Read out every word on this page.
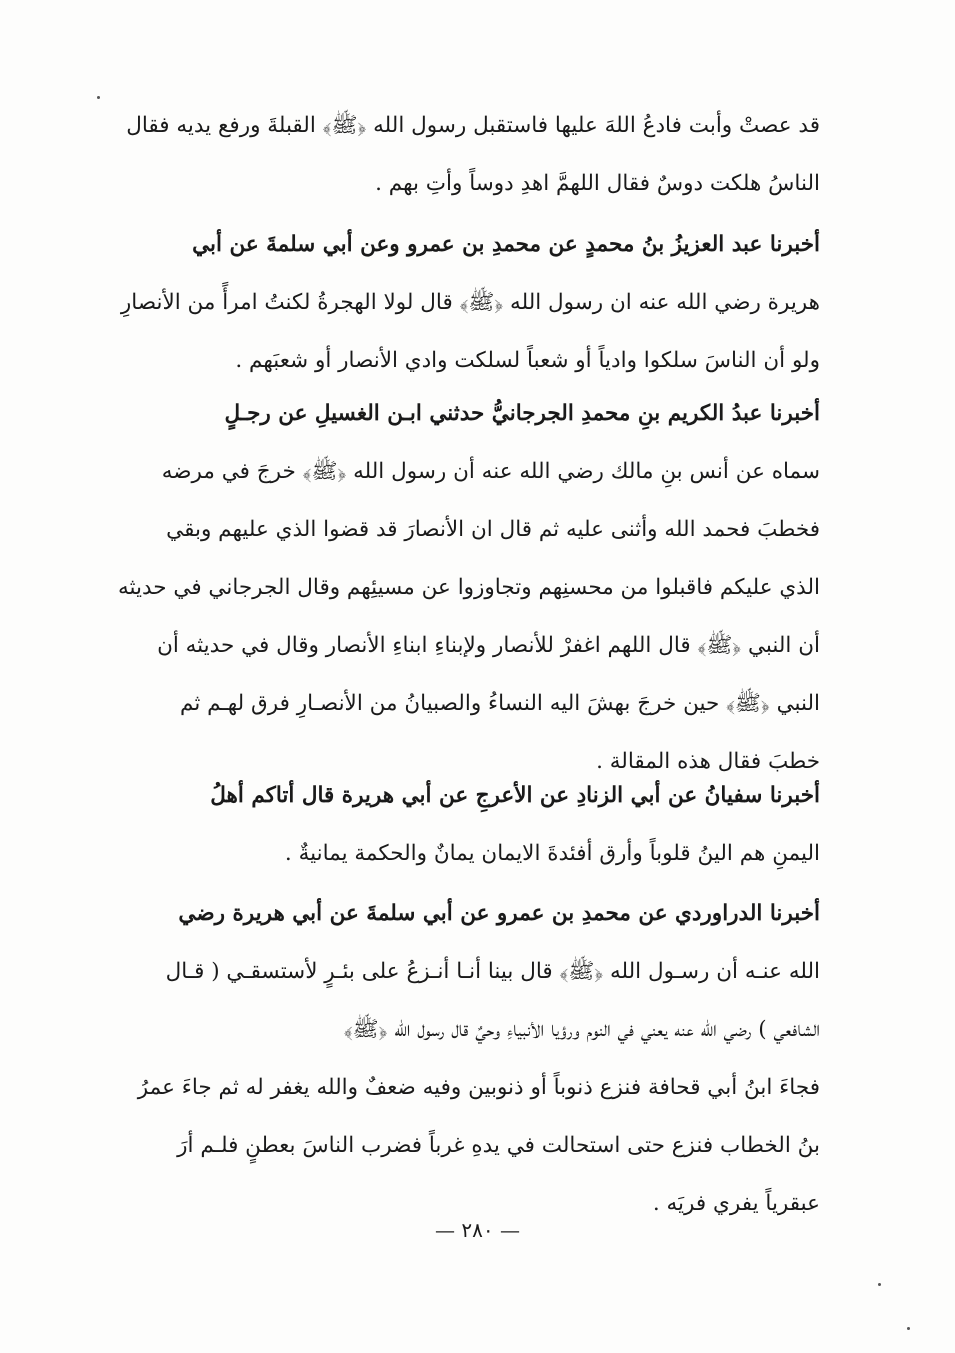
قد عصتْ وأبت فادعُ اللهَ عليها فاستقبل رسول الله ﴿ﷺ﴾ القبلةَ ورفع يديه فقال
الناسُ هلكت دوسٌ فقال اللهمَّ اهدِ دوساً وأتِ بهم .
أخبرنا عبد العزيزُ بنُ محمدٍ عن محمدِ بن عمرو وعن أبي سلمةَ عن أبي
هريرة رضي الله عنه ان رسول الله ﴿ﷺ﴾ قال لولا الهجرةُ لكنتُ امرأً من الأنصارِ
ولو أن الناسَ سلكوا وادياً أو شعباً لسلكت وادي الأنصار أو شعبَهم .
أخبرنا عبدُ الكريم بنِ محمدِ الجرجانيُّ حدثني ابـن الغسيلِ عن رجـلٍ
سماه عن أنس بنِ مالك رضي الله عنه أن رسول الله ﴿ﷺ﴾ خرجَ في مرضه
فخطبَ فحمد الله وأثنى عليه ثم قال ان الأنصارَ قد قضوا الذي عليهم وبقي
الذي عليكم فاقبلوا من محسنِهم وتجاوزوا عن مسيئِهم وقال الجرجاني في حديثه
أن النبي ﴿ﷺ﴾ قال اللهم اغفرْ للأنصار ولإبناءِ ابناءِ الأنصار وقال في حديثه أن
النبي ﴿ﷺ﴾ حين خرجَ بهشَ اليه النساءُ والصبيانُ من الأنصـارِ فرق لهـم ثم
خطبَ فقال هذه المقالة .
أخبرنا سفيانُ عن أبي الزنادِ عن الأعرجِ عن أبي هريرة قال أتاكم أهلُ
اليمنِ هم الينُ قلوباً وأرق أفئدةَ الايمان يمانٌ والحكمة يمانيةٌ .
أخبرنا الدراوردي عن محمدِ بن عمرو عن أبي سلمةَ عن أبي هريرة رضي
الله عنـه أن رسـول الله ﴿ﷺ﴾ قال بينا أنـا أنـزعُ على بئـرٍ لأستسقـي ( قـال
الشافعي ) رضي الله عنه يعني في النوم ورؤيا الأنبياءِ وحيٌ قال رسول الله ﴿ﷺ﴾
فجاءَ ابنُ أبي قحافة فنزع ذنوباً أو ذنوبين وفيه ضعفٌ والله يغفر له ثم جاءَ عمرُ
بنُ الخطاب فنزع حتى استحالت في يدهِ غرباً فضرب الناسَ بعطنٍ فلـم أرَ
عبقرياً يفري فريَه .
— ٢٨٠ —
